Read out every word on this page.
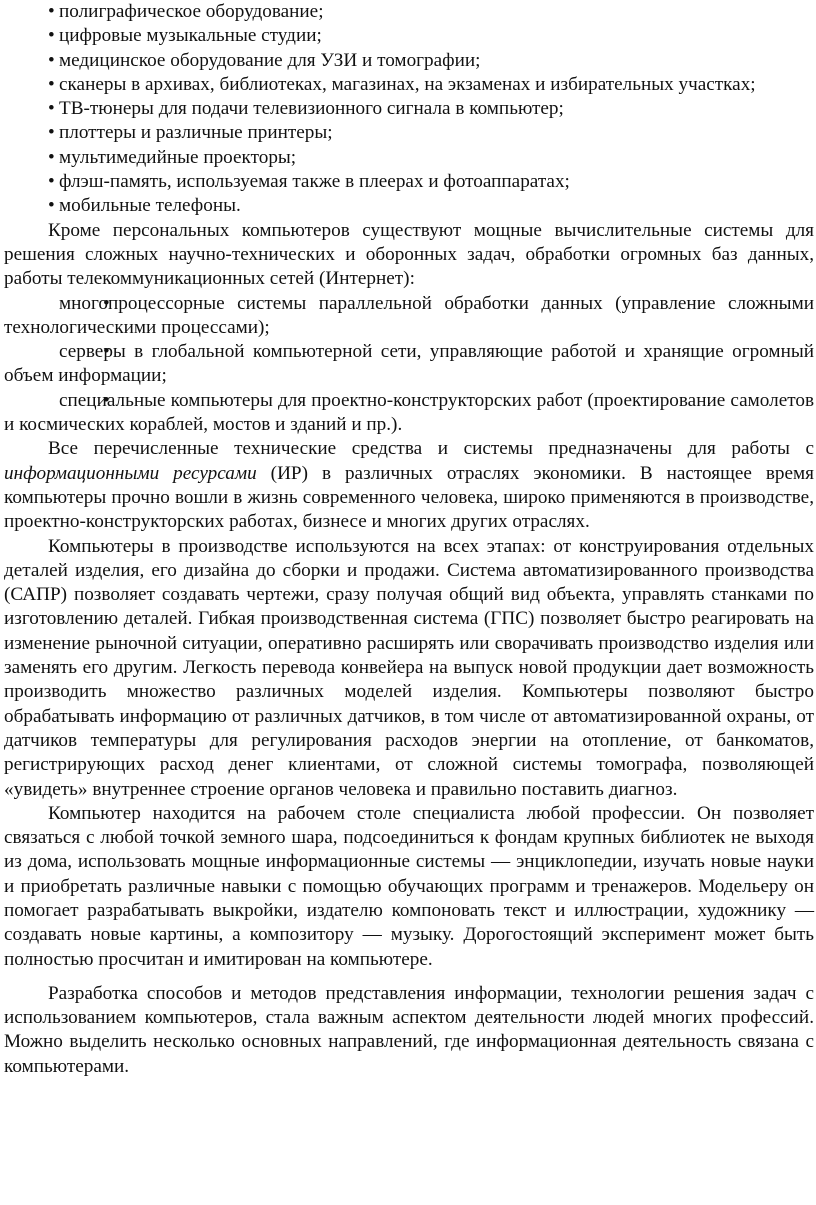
• полиграфическое оборудование;
• цифровые музыкальные студии;
• медицинское оборудование для УЗИ и томографии;
• сканеры в архивах, библиотеках, магазинах, на экзаменах и избирательных участках;
• ТВ-тюнеры для подачи телевизионного сигнала в компьютер;
• плоттеры и различные принтеры;
• мультимедийные проекторы;
• флэш-память, используемая также в плеерах и фотоаппаратах;
• мобильные телефоны.

Кроме персональных компьютеров существуют мощные вычислительные системы для решения сложных научно-технических и оборонных задач, обработки огромных баз данных, работы телекоммуникационных сетей (Интернет):

• многопроцессорные системы параллельной обработки данных (управление сложными технологическими процессами);
• серверы в глобальной компьютерной сети, управляющие работой и хранящие огромный объем информации;
• специальные компьютеры для проектно-конструкторских работ (проектирование самолетов и космических кораблей, мостов и зданий и пр.).

Все перечисленные технические средства и системы предназначены для работы с информационными ресурсами (ИР) в различных отраслях экономики. В настоящее время компьютеры прочно вошли в жизнь современного человека, широко применяются в производстве, проектно-конструкторских работах, бизнесе и многих других отраслях.

Компьютеры в производстве используются на всех этапах: от конструирования отдельных деталей изделия, его дизайна до сборки и продажи. Система автоматизированного производства (САПР) позволяет создавать чертежи, сразу получая общий вид объекта, управлять станками по изготовлению деталей. Гибкая производственная система (ГПС) позволяет быстро реагировать на изменение рыночной ситуации, оперативно расширять или сворачивать производство изделия или заменять его другим. Легкость перевода конвейера на выпуск новой продукции дает возможность производить множество различных моделей изделия. Компьютеры позволяют быстро обрабатывать информацию от различных датчиков, в том числе от автоматизированной охраны, от датчиков температуры для регулирования расходов энергии на отопление, от банкоматов, регистрирующих расход денег клиентами, от сложной системы томографа, позволяющей «увидеть» внутреннее строение органов человека и правильно поставить диагноз.

Компьютер находится на рабочем столе специалиста любой профессии. Он позволяет связаться с любой точкой земного шара, подсоединиться к фондам крупных библиотек не выходя из дома, использовать мощные информационные системы — энциклопедии, изучать новые науки и приобретать различные навыки с помощью обучающих программ и тренажеров. Модельеру он помогает разрабатывать выкройки, издателю компоновать текст и иллюстрации, художнику — создавать новые картины, а композитору — музыку. Дорогостоящий эксперимент может быть полностью просчитан и имитирован на компьютере.

Разработка способов и методов представления информации, технологии решения задач с использованием компьютеров, стала важным аспектом деятельности людей многих профессий. Можно выделить несколько основных направлений, где информационная деятельность связана с компьютерами.
